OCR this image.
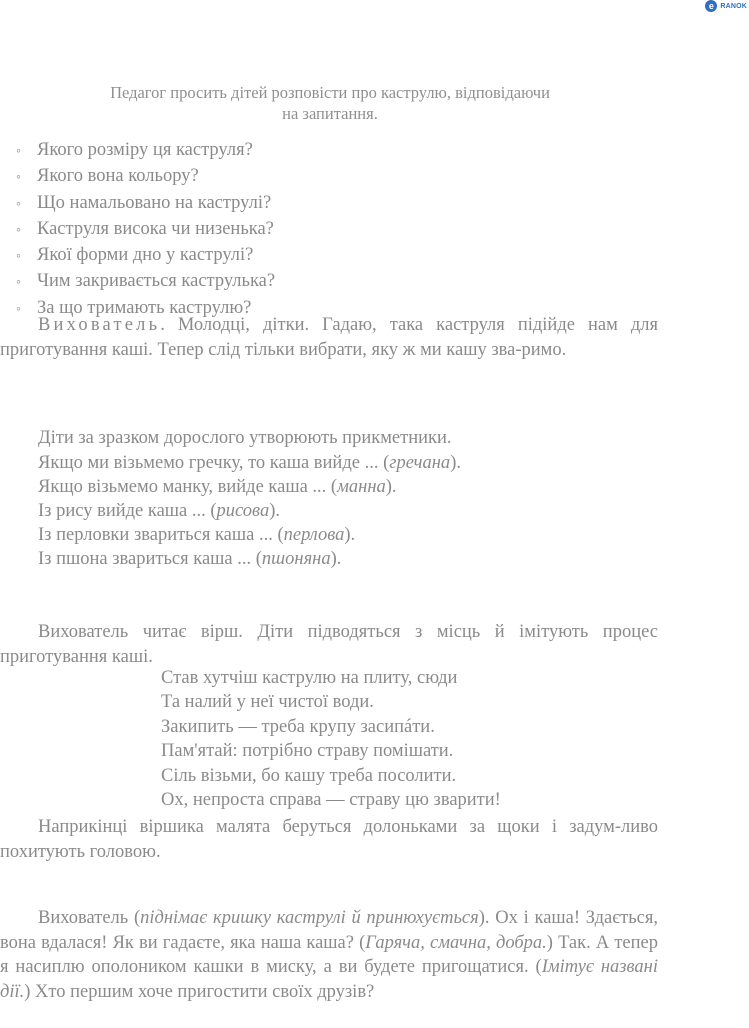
e RANOK
Педагог просить дітей розповісти про каструлю, відповідаючи
на запитання.
◦ Якого розміру ця каструля?
◦ Якого вона кольору?
◦ Що намальовано на каструлі?
◦ Каструля висока чи низенька?
◦ Якої форми дно у каструлі?
◦ Чим закривається каструлька?
◦ За що тримають каструлю?

Вихователь. Молодці, дітки. Гадаю, така каструля підійде нам для приготування каші. Тепер слід тільки вибрати, яку ж ми кашу зва-римо.

Діти за зразком дорослого утворюють прикметники.
Якщо ми візьмемо гречку, то каша вийде ... (гречана).
Якщо візьмемо манку, вийде каша ... (манна).
Із рису вийде каша ... (рисова).
Із перловки звариться каша ... (перлова).
Із пшона звариться каша ... (пшоняна).

Вихователь читає вірш. Діти підводяться з місць й імітують процес приготування каші.

Став хутчіш каструлю на плиту, сюди
Та налий у неї чистої води.
Закипить — треба крупу засипáти.
Пам'ятай: потрібно страву помішати.
Сіль візьми, бо кашу треба посолити.
Ох, непроста справа — страву цю зварити!

Наприкінці віршика малята беруться долоньками за щоки і задум-ливо похитують головою.

Вихователь (піднімає кришку каструлі й принюхується). Ох і каша! Здається, вона вдалася! Як ви гадаєте, яка наша каша? (Гаряча, смачна, добра.) Так. А тепер я насиплю ополоником кашки в миску, а ви будете пригощатися. (Імітує названі дії.) Хто першим хоче пригостити своїх друзів?
